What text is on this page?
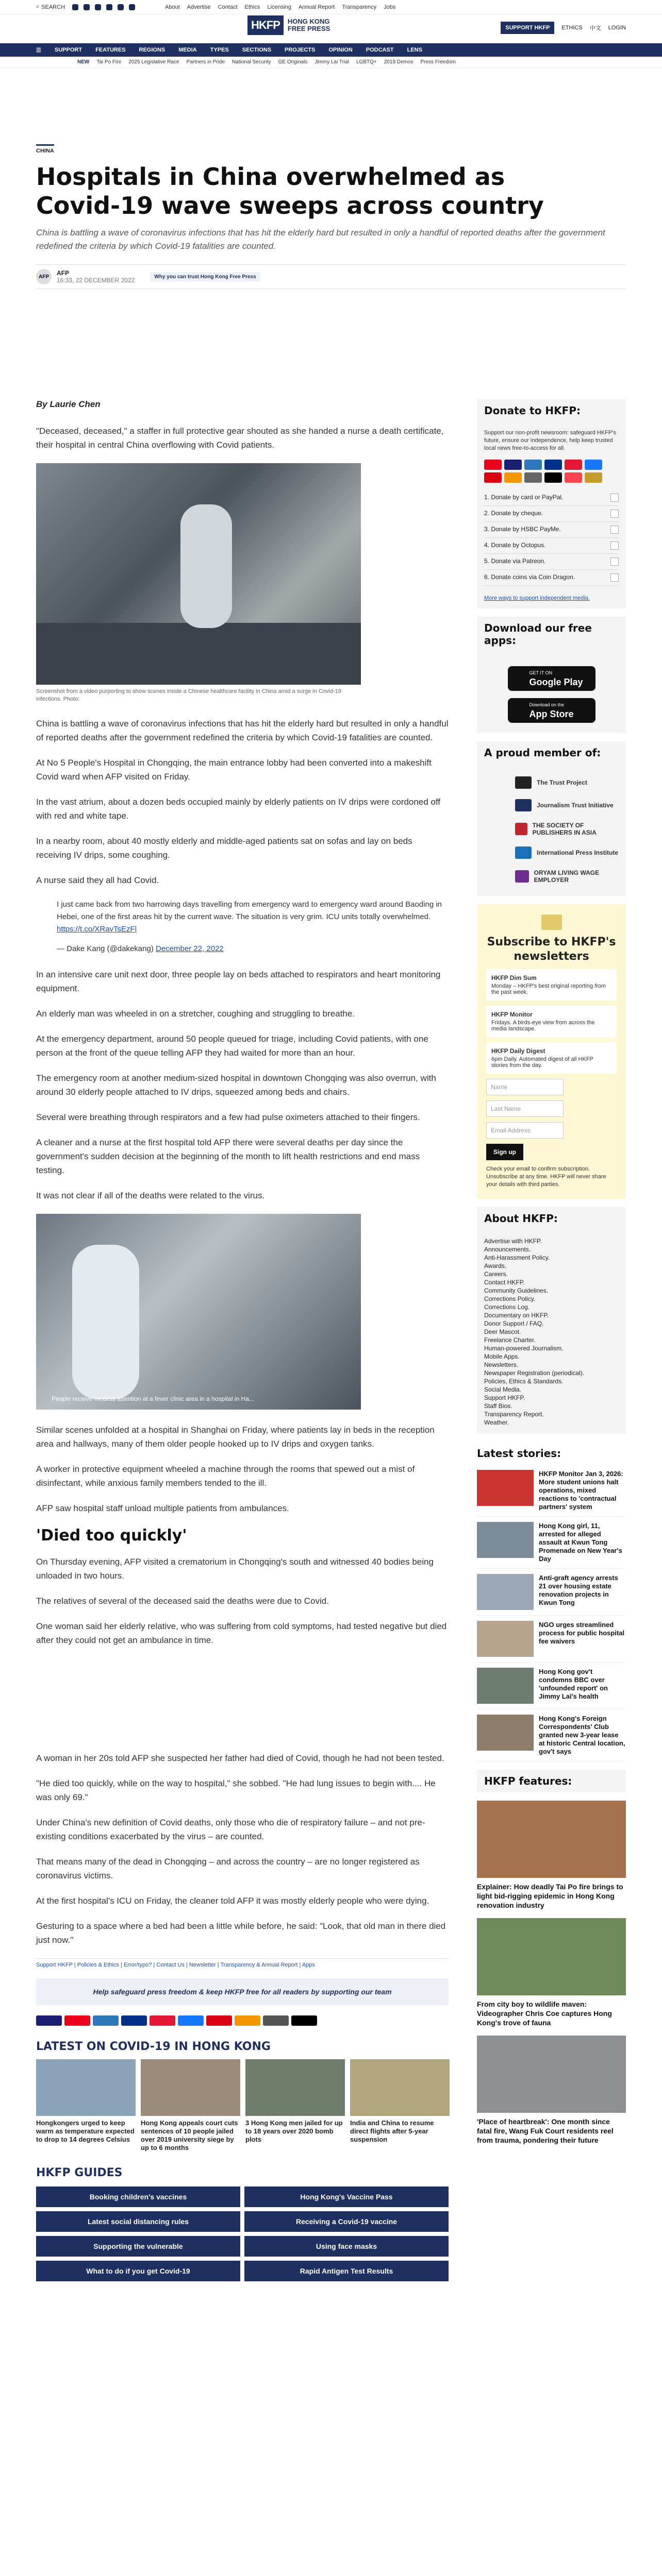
⌕ SEARCH	About Advertise Contact Ethics Licensing Annual Report Transparency Jobs
HKFP	HONG KONG
FREE PRESS	SUPPORT HKFP	ETHICS 中文 LOGIN
☰ SUPPORT FEATURES REGIONS MEDIA TYPES SECTIONS PROJECTS OPINION PODCAST LENS
NEW Tai Po Fire 2025 Legislative Race Partners in Pride National Security GE Originals Jimmy Lai Trial LGBTQ+ 2019 Demos Press Freedom
CHINA
Hospitals in China overwhelmed as Covid-19 wave sweeps across country
China is battling a wave of coronavirus infections that has hit the elderly hard but resulted in only a handful of reported deaths after the government redefined the criteria by which Covid-19 fatalities are counted.
AFP	AFP
16:33, 22 DECEMBER 2022	Why you can trust Hong Kong Free Press
By Laurie Chen

"Deceased, deceased," a staffer in full protective gear shouted as she handed a nurse a death certificate, their hospital in central China overflowing with Covid patients.

Screenshot from a video purporting to show scenes inside a Chinese healthcare facility in China amid a surge in Covid-19 infections. Photo:

China is battling a wave of coronavirus infections that has hit the elderly hard but resulted in only a handful of reported deaths after the government redefined the criteria by which Covid-19 fatalities are counted.

At No 5 People's Hospital in Chongqing, the main entrance lobby had been converted into a makeshift Covid ward when AFP visited on Friday.

In the vast atrium, about a dozen beds occupied mainly by elderly patients on IV drips were cordoned off with red and white tape.

In a nearby room, about 40 mostly elderly and middle-aged patients sat on sofas and lay on beds receiving IV drips, some coughing.

A nurse said they all had Covid.

I just came back from two harrowing days travelling from emergency ward to emergency ward around Baoding in Hebei, one of the first areas hit by the current wave. The situation is very grim. ICU units totally overwhelmed. https://t.co/XRavTsEzFl

— Dake Kang (@dakekang) December 22, 2022

In an intensive care unit next door, three people lay on beds attached to respirators and heart monitoring equipment.

An elderly man was wheeled in on a stretcher, coughing and struggling to breathe.

At the emergency department, around 50 people queued for triage, including Covid patients, with one person at the front of the queue telling AFP they had waited for more than an hour.

The emergency room at another medium-sized hospital in downtown Chongqing was also overrun, with around 30 elderly people attached to IV drips, squeezed among beds and chairs.

Several were breathing through respirators and a few had pulse oximeters attached to their fingers.

A cleaner and a nurse at the first hospital told AFP there were several deaths per day since the government's sudden decision at the beginning of the month to lift health restrictions and end mass testing.

It was not clear if all of the deaths were related to the virus.

People receive medical attention at a fever clinic area in a hospital in Ha...

Similar scenes unfolded at a hospital in Shanghai on Friday, where patients lay in beds in the reception area and hallways, many of them older people hooked up to IV drips and oxygen tanks.

A worker in protective equipment wheeled a machine through the rooms that spewed out a mist of disinfectant, while anxious family members tended to the ill.

AFP saw hospital staff unload multiple patients from ambulances.

'Died too quickly'

On Thursday evening, AFP visited a crematorium in Chongqing's south and witnessed 40 bodies being unloaded in two hours.

The relatives of several of the deceased said the deaths were due to Covid.

One woman said her elderly relative, who was suffering from cold symptoms, had tested negative but died after they could not get an ambulance in time.

A woman in her 20s told AFP she suspected her father had died of Covid, though he had not been tested.

"He died too quickly, while on the way to hospital," she sobbed. "He had lung issues to begin with.... He was only 69."

Under China's new definition of Covid deaths, only those who die of respiratory failure – and not pre-existing conditions exacerbated by the virus – are counted.

That means many of the dead in Chongqing – and across the country – are no longer registered as coronavirus victims.

At the first hospital's ICU on Friday, the cleaner told AFP it was mostly elderly people who were dying.

Gesturing to a space where a bed had been a little while before, he said: "Look, that old man in there died just now."

Support HKFP | Policies & Ethics | Error/typo? | Contact Us | Newsletter | Transparency & Annual Report | Apps
Help safeguard press freedom & keep HKFP free for all readers by supporting our team
LATEST ON COVID-19 IN HONG KONG
Hongkongers urged to keep warm as temperature expected to drop to 14 degrees Celsius
Hong Kong appeals court cuts sentences of 10 people jailed over 2019 university siege by up to 6 months
3 Hong Kong men jailed for up to 18 years over 2020 bomb plots
India and China to resume direct flights after 5-year suspension
HKFP GUIDES
Booking children's vaccines	Hong Kong's Vaccine Pass
Latest social distancing rules	Receiving a Covid-19 vaccine
Supporting the vulnerable	Using face masks
What to do if you get Covid-19	Rapid Antigen Test Results
Donate to HKFP:
Support our non-profit newsroom: safeguard HKFP's future, ensure our independence, help keep trusted local news free-to-access for all.
1. Donate by card or PayPal.
2. Donate by cheque.
3. Donate by HSBC PayMe.
4. Donate by Octopus.
5. Donate via Patreon.
6. Donate coins via Coin Dragon.
More ways to support independent media.
Download our free apps:
GET IT ON
Google Play
Download on the
App Store
A proud member of:
The Trust Project
Journalism Trust Initiative
THE SOCIETY OF PUBLISHERS IN ASIA
International Press Institute
ORYAM LIVING WAGE EMPLOYER
Subscribe to HKFP's newsletters
HKFP Dim Sum
Monday – HKFP's best original reporting from the past week.
HKFP Monitor
Fridays. A birds-eye view from across the media landscape.
HKFP Daily Digest
6pm Daily. Automated digest of all HKFP stories from the day.
Name
Last Name
Email Address
Sign up
Check your email to confirm subscription. Unsubscribe at any time. HKFP will never share your details with third parties.
About HKFP:
Advertise with HKFP.
Announcements.
Anti-Harassment Policy.
Awards.
Careers.
Contact HKFP.
Community Guidelines.
Corrections Policy.
Corrections Log.
Documentary on HKFP.
Donor Support / FAQ.
Deer Mascot.
Freelance Charter.
Human-powered Journalism.
Mobile Apps.
Newsletters.
Newspaper Registration (periodical).
Policies, Ethics & Standards.
Social Media.
Support HKFP.
Staff Bios.
Transparency Report.
Weather.
Latest stories:
HKFP Monitor Jan 3, 2026: More student unions halt operations, mixed reactions to 'contractual partners' system
Hong Kong girl, 11, arrested for alleged assault at Kwun Tong Promenade on New Year's Day
Anti-graft agency arrests 21 over housing estate renovation projects in Kwun Tong
NGO urges streamlined process for public hospital fee waivers
Hong Kong gov't condemns BBC over 'unfounded report' on Jimmy Lai's health
Hong Kong's Foreign Correspondents' Club granted new 3-year lease at historic Central location, gov't says
HKFP features:
Explainer: How deadly Tai Po fire brings to light bid-rigging epidemic in Hong Kong renovation industry
From city boy to wildlife maven: Videographer Chris Coe captures Hong Kong's trove of fauna
'Place of heartbreak': One month since fatal fire, Wang Fuk Court residents reel from trauma, pondering their future
